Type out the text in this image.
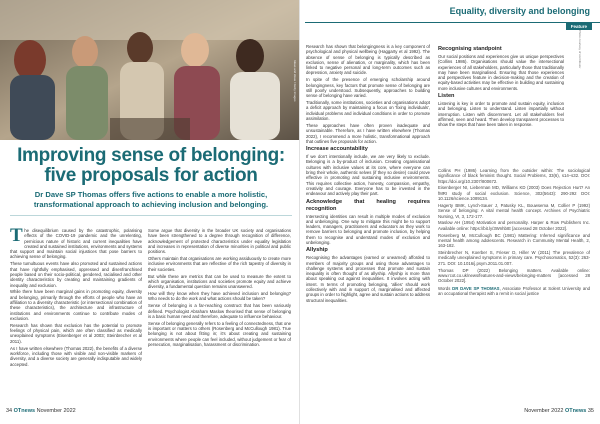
Ideas and ideas / Getty Images
Improving sense of belonging: five proposals for action
Dr Dave SP Thomas offers five actions to enable a more holistic, transformational approach to achieving inclusion and belonging.

The disequilibrium caused by the catastrophic, polarising effects of the COVID-19 pandemic and the unrelenting, pernicious nature of historic and current inequalities have created and sustained institutions, environments and systems that support and maintain social injustices that pose barriers to achieving sense of belonging.

These tumultuous events have also promoted and sustained actions that have rightfully emphasised, oppressed and disenfranchised people based on their socio-political, gendered, racialised and other identity characteristics by creating and maintaining gradients of inequality and exclusion.

While there have been marginal gains in promoting equity, diversity and belonging, primarily through the efforts of people who have an affiliation to a diversity characteristic (or intersectional combination of these characteristics), the architecture and infrastructure of institutions and environments continue to contribute modes of exclusion.

Research has shown that exclusion has the potential to promote feelings of physical pain, which are often classified as medically unexplained symptoms (Eisenberger et al 2003; Steinbrecher et al 2011).

As I have written elsewhere (Thomas 2022), the benefits of a diverse workforce, including those with visible and non-visible markers of diversity, and a diverse society are generally indisputable and widely accepted.

Some argue that diversity in the broader UK society and organisations have been strengthened to a degree through recognition of difference, acknowledgement of protected characteristics under equality legislation and increases in representation of diverse minorities in political and public positions.

Others maintain that organisations are working assiduously to create more inclusive environments that are reflective of the rich tapestry of diversity in their societies.

But while these are metrics that can be used to measure the extent to which organisation, institutions and societies promote equity and achieve diversity, a fundamental question remains unanswered.

How will they know when they have achieved inclusion and belonging? Who needs to do the work and what actions should be taken?

Sense of belonging is a far-reaching construct that has been variously defined. Psychologist Abraham Maslow theorised that sense of belonging is a basic human need and therefore, adequate to influence behaviour.

Sense of belonging generally refers to a feeling of connectedness, that one is important or matters to others (Rosenberg and McCullough 1981). True belonging is not about fitting in; it's about creating and sustaining environments where people can feel included, without judgement or fear of persecution, marginalisation, harassment or discrimination.

34 OTnews November 2022
Equality, diversity and belonging
Feature

Research has shown that belongingness is a key component of psychological and physical wellbeing (Haggarty et al 1992). The absence of sense of belonging is typically described as exclusion, sense of alienation, or marginality, which has been linked to negative personal and long-term outcomes such as depression, anxiety and suicide.

In spite of the presence of emerging scholarship around belongingness, key factors that promote sense of belonging are still poorly understood. Subsequently, approaches to building sense of belonging have varied.

Traditionally, some institutions, societies and organisations adopt a deficit approach by maintaining a focus on 'fixing individuals', individual problems and individual conditions in order to promote assimilation.

These approaches have often proven inadequate and unsustainable. Therefore, as I have written elsewhere (Thomas 2022), I recommend a more holistic, transformational approach that outlines five proposals for action.

Increase accountability

If we don't intentionally include, we are very likely to exclude. Belonging is a by-product of inclusion. Creating organisational cultures with inclusive values at its core, where everyone can bring their whole, authentic selves (if they so desire) could prove effective in promoting and sustaining inclusive environments. This requires collective action, honesty, compassion, empathy, creativity and courage. Everyone has to be invested in the endeavour and actively play their part.

Acknowledge that healing requires recognition

Intersecting identities can result in multiple modes of exclusion and unbelonging. One way to mitigate this might be to support leaders, managers, practitioners and educators as they work to remove barriers to belonging and promote inclusion, by helping them to recognise and understand modes of exclusion and unbelonging.

Allyship

Recognising the advantages (earned or unearned) afforded to members of majority groups and using those advantages to challenge systems and processes that promote and sustain inequality is often thought of as allyship. Allyship is more than about speaking out against inequalities. It involves acting with intent. In terms of promoting belonging, 'allies' should work collectively with and in support of, marginalised and affected groups in order to highlight, agree and sustain actions to address structural inequalities.

Recognising standpoint

Our social positions and experiences give us unique perspectives (Collins 1986). Organisations should value the intersectional experiences of all stakeholders, particularly those that traditionally may have been marginalised. Ensuring that those experiences and perspectives feature in decision-making and the creation of equity-based activities may be effective in building and sustaining more inclusive cultures and environments.

Listen

Listening is key in order to promote and sustain equity, inclusion and belonging. Listen to understand. Listen impartially without interruption. Listen with discernment. Let all stakeholders feel affirmed, seen and heard. Then develop transparent processes to show the steps that have been taken in response.

Collins PH (1986) Learning from the outsider within: The sociological significance of black feminist thought. Social Problems, 33(6), s14–s32. DOI: https://doi.org/10.2307/800672.

Eisenberger NI, Lieberman MD, Williams KD (2003) Does Rejection Hurt? An fMRI study of social exclusion. Science, 302(5643): 290-292 DOI: 10.1126/science.1089134.

Hagerty BMK, Lynch-Sauer J, Patusky KL, Bouwsema M, Collier P (1992) Sense of belonging: A vital mental health concept. Archives of Psychiatric Nursing, VI, 3, 172-177.

Maslow AH (1954) Motivation and personality. Harper & Row Publishers Inc. Available online: https://bit.ly/3WnhbIE [accessed 28 October 2022].

Rosenberg M, McCullough BC (1981) Mattering: Inferred significance and mental health among adolescents. Research in Community Mental Health, 2, 163-182.

Steinbrecher N, Koerber S, Frieser D, Hiller W (2011) The prevalence of medically unexplained symptoms in primary care. Psychosomatics, 52(3): 263-271. DOI: 10.1016/j.psym.2011.01.007.

Thomas DP (2022) Belonging matters. Available online: www.rcot.co.uk/news/features-and-views/belonging-matters [accessed 28 October 2022].

Words DR DAVE SP THOMAS, Associate Professor at Solent University and an occupational therapist with a remit in social justice

Photo courtesy of contributor
November 2022 OTnews 35
